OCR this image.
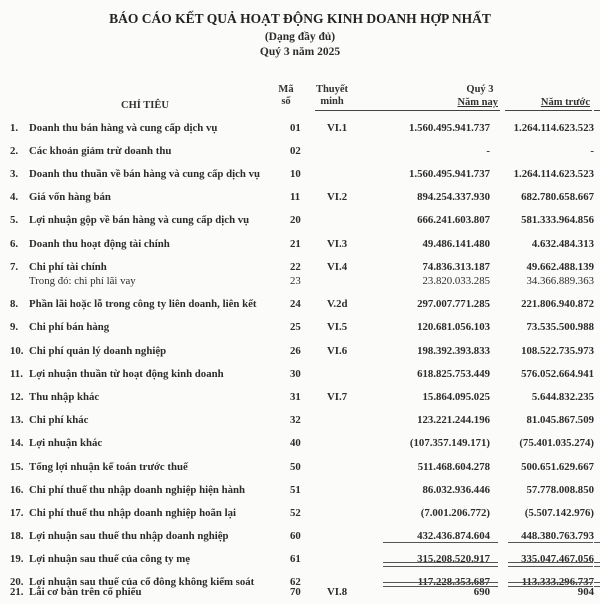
BÁO CÁO KẾT QUẢ HOẠT ĐỘNG KINH DOANH HỢP NHẤT
(Dạng đầy đủ)
Quý 3 năm 2025
CHỈ TIÊU
Mã
số
Thuyết
minh
Quý 3
Năm nay	Năm trước
1. Doanh thu bán hàng và cung cấp dịch vụ	01 VI.1	1.560.495.941.737 1.264.114.623.523
2. Các khoản giảm trừ doanh thu	02	-	-
3. Doanh thu thuần về bán hàng và cung cấp dịch vụ	10	1.560.495.941.737 1.264.114.623.523
4. Giá vốn hàng bán	11 VI.2	894.254.337.930	682.780.658.667
5. Lợi nhuận gộp về bán hàng và cung cấp dịch vụ	20	666.241.603.807	581.333.964.856
6. Doanh thu hoạt động tài chính	21 VI.3	49.486.141.480	4.632.484.313
7. Chi phí tài chính	22 VI.4	74.836.313.187	49.662.488.139
Trong đó: chi phí lãi vay	23	23.820.033.285	34.366.889.363
8. Phần lãi hoặc lỗ trong công ty liên doanh, liên kết	24 V.2d	297.007.771.285	221.806.940.872
9. Chi phí bán hàng	25 VI.5	120.681.056.103	73.535.500.988
10. Chi phí quản lý doanh nghiệp	26 VI.6	198.392.393.833	108.522.735.973
11. Lợi nhuận thuần từ hoạt động kinh doanh	30	618.825.753.449	576.052.664.941
12. Thu nhập khác	31 VI.7	15.864.095.025	5.644.832.235
13. Chi phí khác	32	123.221.244.196	81.045.867.509
14. Lợi nhuận khác	40	(107.357.149.171)	(75.401.035.274)
15. Tổng lợi nhuận kế toán trước thuế	50	511.468.604.278	500.651.629.667
16. Chi phí thuế thu nhập doanh nghiệp hiện hành	51	86.032.936.446	57.778.008.850
17. Chi phí thuế thu nhập doanh nghiệp hoãn lại	52	(7.001.206.772)	(5.507.142.976)
18. Lợi nhuận sau thuế thu nhập doanh nghiệp	60	432.436.874.604	448.380.763.793
19. Lợi nhuận sau thuế của công ty mẹ	61	315.208.520.917	335.047.467.056
20. Lợi nhuận sau thuế của cổ đông không kiểm soát	62	117.228.353.687	113.333.296.737
21. Lãi cơ bản trên cổ phiếu	70 VI.8	690	904
